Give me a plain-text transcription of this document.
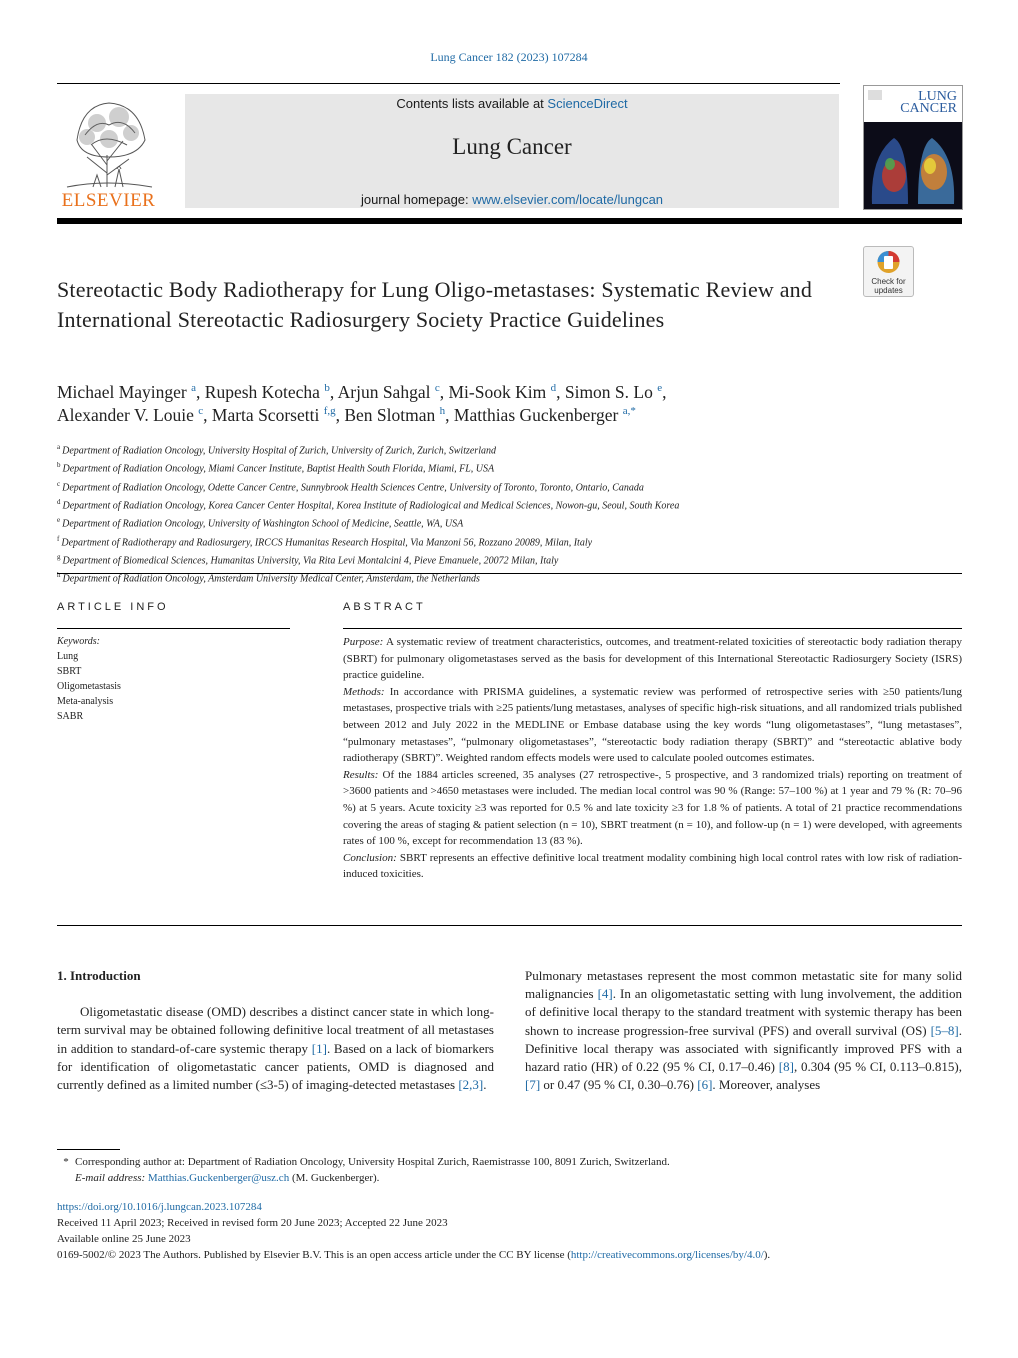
Lung Cancer 182 (2023) 107284
ELSEVIER
Contents lists available at ScienceDirect
Lung Cancer
journal homepage: www.elsevier.com/locate/lungcan
LUNG
CANCER
Check for updates
Stereotactic Body Radiotherapy for Lung Oligo-metastases: Systematic Review and International Stereotactic Radiosurgery Society Practice Guidelines
Michael Mayinger $^a$, Rupesh Kotecha $^b$, Arjun Sahgal $^c$, Mi-Sook Kim $^d$, Simon S. Lo $^e$,
Alexander V. Louie $^c$, Marta Scorsetti $^{f,g}$, Ben Slotman $^h$, Matthias Guckenberger $^{a,*}$
$^a$ Department of Radiation Oncology, University Hospital of Zurich, University of Zurich, Zurich, Switzerland
$^b$ Department of Radiation Oncology, Miami Cancer Institute, Baptist Health South Florida, Miami, FL, USA
$^c$ Department of Radiation Oncology, Odette Cancer Centre, Sunnybrook Health Sciences Centre, University of Toronto, Toronto, Ontario, Canada
$^d$ Department of Radiation Oncology, Korea Cancer Center Hospital, Korea Institute of Radiological and Medical Sciences, Nowon-gu, Seoul, South Korea
$^e$ Department of Radiation Oncology, University of Washington School of Medicine, Seattle, WA, USA
$^f$ Department of Radiotherapy and Radiosurgery, IRCCS Humanitas Research Hospital, Via Manzoni 56, Rozzano 20089, Milan, Italy
$^g$ Department of Biomedical Sciences, Humanitas University, Via Rita Levi Montalcini 4, Pieve Emanuele, 20072 Milan, Italy
$^h$ Department of Radiation Oncology, Amsterdam University Medical Center, Amsterdam, the Netherlands
ARTICLE INFO	ABSTRACT
Keywords:
Lung
SBRT
Oligometastasis
Meta-analysis
SABR

Purpose: A systematic review of treatment characteristics, outcomes, and treatment-related toxicities of stereotactic body radiation therapy (SBRT) for pulmonary oligometastases served as the basis for development of this International Stereotactic Radiosurgery Society (ISRS) practice guideline.

Methods: In accordance with PRISMA guidelines, a systematic review was performed of retrospective series with ≥50 patients/lung metastases, prospective trials with ≥25 patients/lung metastases, analyses of specific high-risk situations, and all randomized trials published between 2012 and July 2022 in the MEDLINE or Embase database using the key words “lung oligometastases”, “lung metastases”, “pulmonary metastases”, “pulmonary oligometastases”, “stereotactic body radiation therapy (SBRT)” and “stereotactic ablative body radiotherapy (SBRT)”. Weighted random effects models were used to calculate pooled outcomes estimates.

Results: Of the 1884 articles screened, 35 analyses (27 retrospective-, 5 prospective, and 3 randomized trials) reporting on treatment of >3600 patients and >4650 metastases were included. The median local control was 90 % (Range: 57–100 %) at 1 year and 79 % (R: 70–96 %) at 5 years. Acute toxicity ≥3 was reported for 0.5 % and late toxicity ≥3 for 1.8 % of patients. A total of 21 practice recommendations covering the areas of staging & patient selection (n = 10), SBRT treatment (n = 10), and follow-up (n = 1) were developed, with agreements rates of 100 %, except for recommendation 13 (83 %).

Conclusion: SBRT represents an effective definitive local treatment modality combining high local control rates with low risk of radiation-induced toxicities.

1. Introduction

Oligometastatic disease (OMD) describes a distinct cancer state in which long-term survival may be obtained following definitive local treatment of all metastases in addition to standard-of-care systemic therapy [1]. Based on a lack of biomarkers for identification of oligometastatic cancer patients, OMD is diagnosed and currently defined as a limited number (≤3-5) of imaging-detected metastases [2,3].

Pulmonary metastases represent the most common metastatic site for many solid malignancies [4]. In an oligometastatic setting with lung involvement, the addition of definitive local therapy to the standard treatment with systemic therapy has been shown to increase progression-free survival (PFS) and overall survival (OS) [5–8]. Definitive local therapy was associated with significantly improved PFS with a hazard ratio (HR) of 0.22 (95 % CI, 0.17–0.46) [8], 0.304 (95 % CI, 0.113–0.815), [7] or 0.47 (95 % CI, 0.30–0.76) [6]. Moreover, analyses

* Corresponding author at: Department of Radiation Oncology, University Hospital Zurich, Raemistrasse 100, 8091 Zurich, Switzerland.
E-mail address: Matthias.Guckenberger@usz.ch (M. Guckenberger).
https://doi.org/10.1016/j.lungcan.2023.107284
Received 11 April 2023; Received in revised form 20 June 2023; Accepted 22 June 2023
Available online 25 June 2023
0169-5002/© 2023 The Authors. Published by Elsevier B.V. This is an open access article under the CC BY license (http://creativecommons.org/licenses/by/4.0/).
